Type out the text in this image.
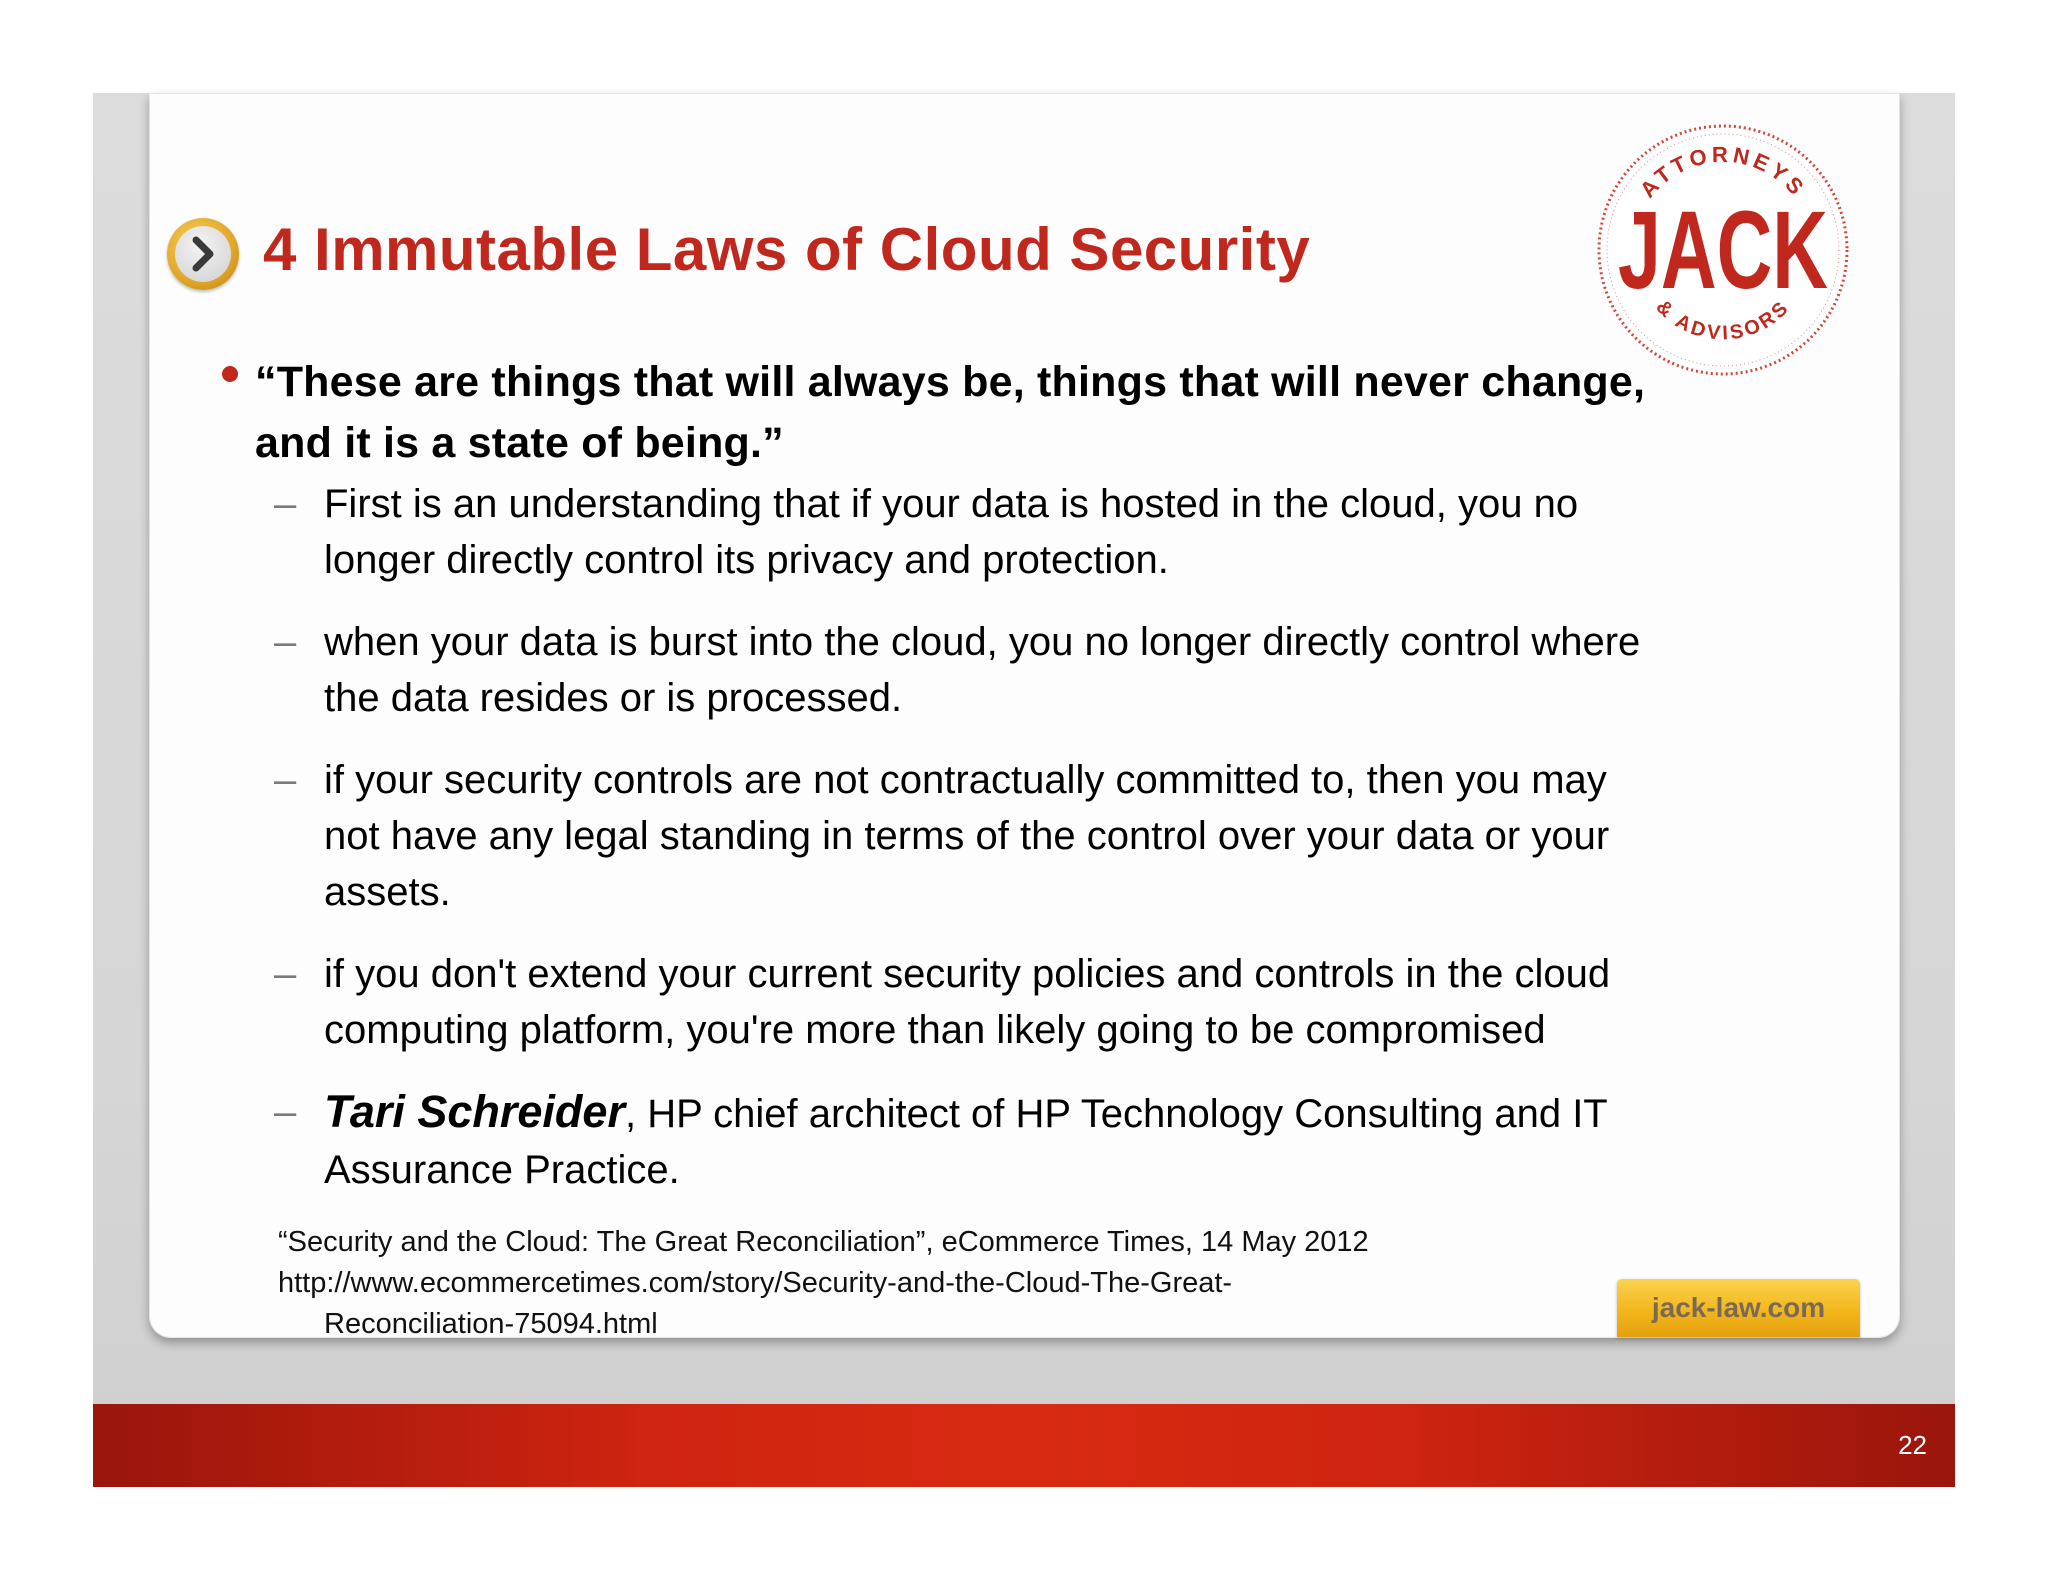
4 Immutable Laws of Cloud Security
ATTORNEYS
JACK
& ADVISORS
“These are things that will always be, things that will never change,
and it is a state of being.”
– First is an understanding that if your data is hosted in the cloud, you no
longer directly control its privacy and protection.
– when your data is burst into the cloud, you no longer directly control where
the data resides or is processed.
– if your security controls are not contractually committed to, then you may
not have any legal standing in terms of the control over your data or your
assets.
– if you don't extend your current security policies and controls in the cloud
computing platform, you're more than likely going to be compromised
– Tari Schreider, HP chief architect of HP Technology Consulting and IT
Assurance Practice.
“Security and the Cloud: The Great Reconciliation”, eCommerce Times, 14 May 2012
http://www.ecommercetimes.com/story/Security-and-the-Cloud-The-Great-
Reconciliation-75094.html
jack-law.com
22
